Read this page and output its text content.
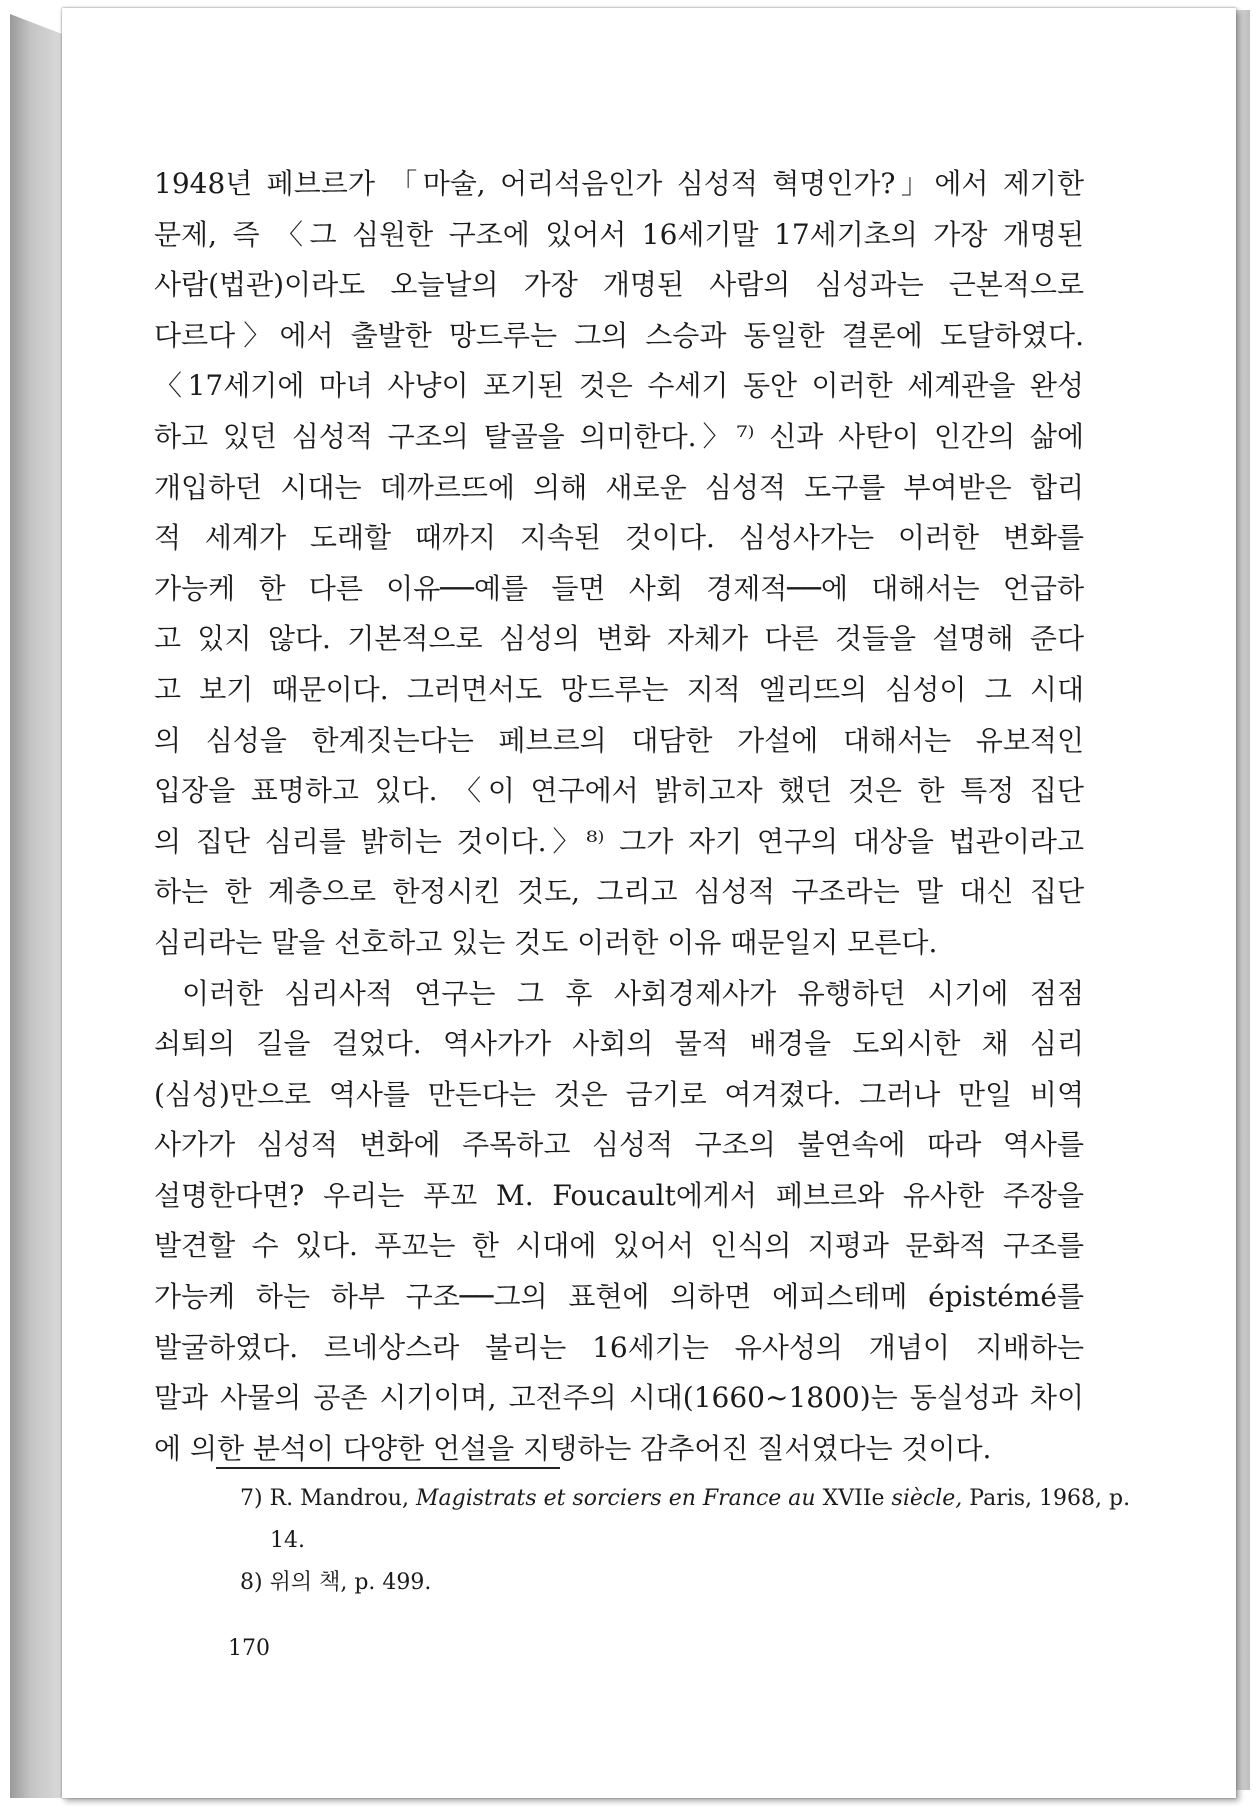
1948년 페브르가 「마술, 어리석음인가 심성적 혁명인가?」에서 제기한
문제, 즉 〈그 심원한 구조에 있어서 16세기말 17세기초의 가장 개명된
사람(법관)이라도 오늘날의 가장 개명된 사람의 심성과는 근본적으로
다르다〉에서 출발한 망드루는 그의 스승과 동일한 결론에 도달하였다.
〈17세기에 마녀 사냥이 포기된 것은 수세기 동안 이러한 세계관을 완성
하고 있던 심성적 구조의 탈골을 의미한다.〉⁷⁾ 신과 사탄이 인간의 삶에
개입하던 시대는 데까르뜨에 의해 새로운 심성적 도구를 부여받은 합리
적 세계가 도래할 때까지 지속된 것이다. 심성사가는 이러한 변화를
가능케 한 다른 이유──예를 들면 사회 경제적──에 대해서는 언급하
고 있지 않다. 기본적으로 심성의 변화 자체가 다른 것들을 설명해 준다
고 보기 때문이다. 그러면서도 망드루는 지적 엘리뜨의 심성이 그 시대
의 심성을 한계짓는다는 페브르의 대담한 가설에 대해서는 유보적인
입장을 표명하고 있다. 〈이 연구에서 밝히고자 했던 것은 한 특정 집단
의 집단 심리를 밝히는 것이다.〉⁸⁾ 그가 자기 연구의 대상을 법관이라고
하는 한 계층으로 한정시킨 것도, 그리고 심성적 구조라는 말 대신 집단
심리라는 말을 선호하고 있는 것도 이러한 이유 때문일지 모른다.
이러한 심리사적 연구는 그 후 사회경제사가 유행하던 시기에 점점
쇠퇴의 길을 걸었다. 역사가가 사회의 물적 배경을 도외시한 채 심리
(심성)만으로 역사를 만든다는 것은 금기로 여겨졌다. 그러나 만일 비역
사가가 심성적 변화에 주목하고 심성적 구조의 불연속에 따라 역사를
설명한다면? 우리는 푸꼬 M. Foucault에게서 페브르와 유사한 주장을
발견할 수 있다. 푸꼬는 한 시대에 있어서 인식의 지평과 문화적 구조를
가능케 하는 하부 구조──그의 표현에 의하면 에피스테메 épistémé를
발굴하였다. 르네상스라 불리는 16세기는 유사성의 개념이 지배하는
말과 사물의 공존 시기이며, 고전주의 시대(1660~1800)는 동실성과 차이
에 의한 분석이 다양한 언설을 지탱하는 감추어진 질서였다는 것이다.
7) R. Mandrou, Magistrats et sorciers en France au XVIIe siècle, Paris, 1968, p.
14.
8) 위의 책, p. 499.
170
